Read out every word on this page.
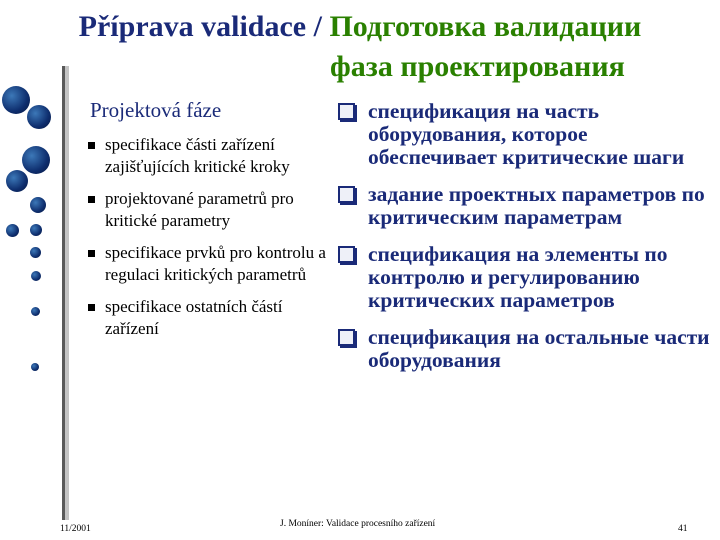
Příprava validace / Подготовка валидации
фаза проектирования
Projektová fáze
specifikace části zařízení zajišťujících kritické kroky
projektované parametrů pro kritické parametry
specifikace prvků pro kontrolu a regulaci kritických parametrů
specifikace ostatních částí zařízení
спецификация на часть оборудования, которое обеспечивает критические шаги
задание проектных параметров по критическим параметрам
спецификация на элементы по контролю и регулированию критических параметров
спецификация на остальные части оборудования
11/2001	J. Moníner: Validace procesního zařízení	41
